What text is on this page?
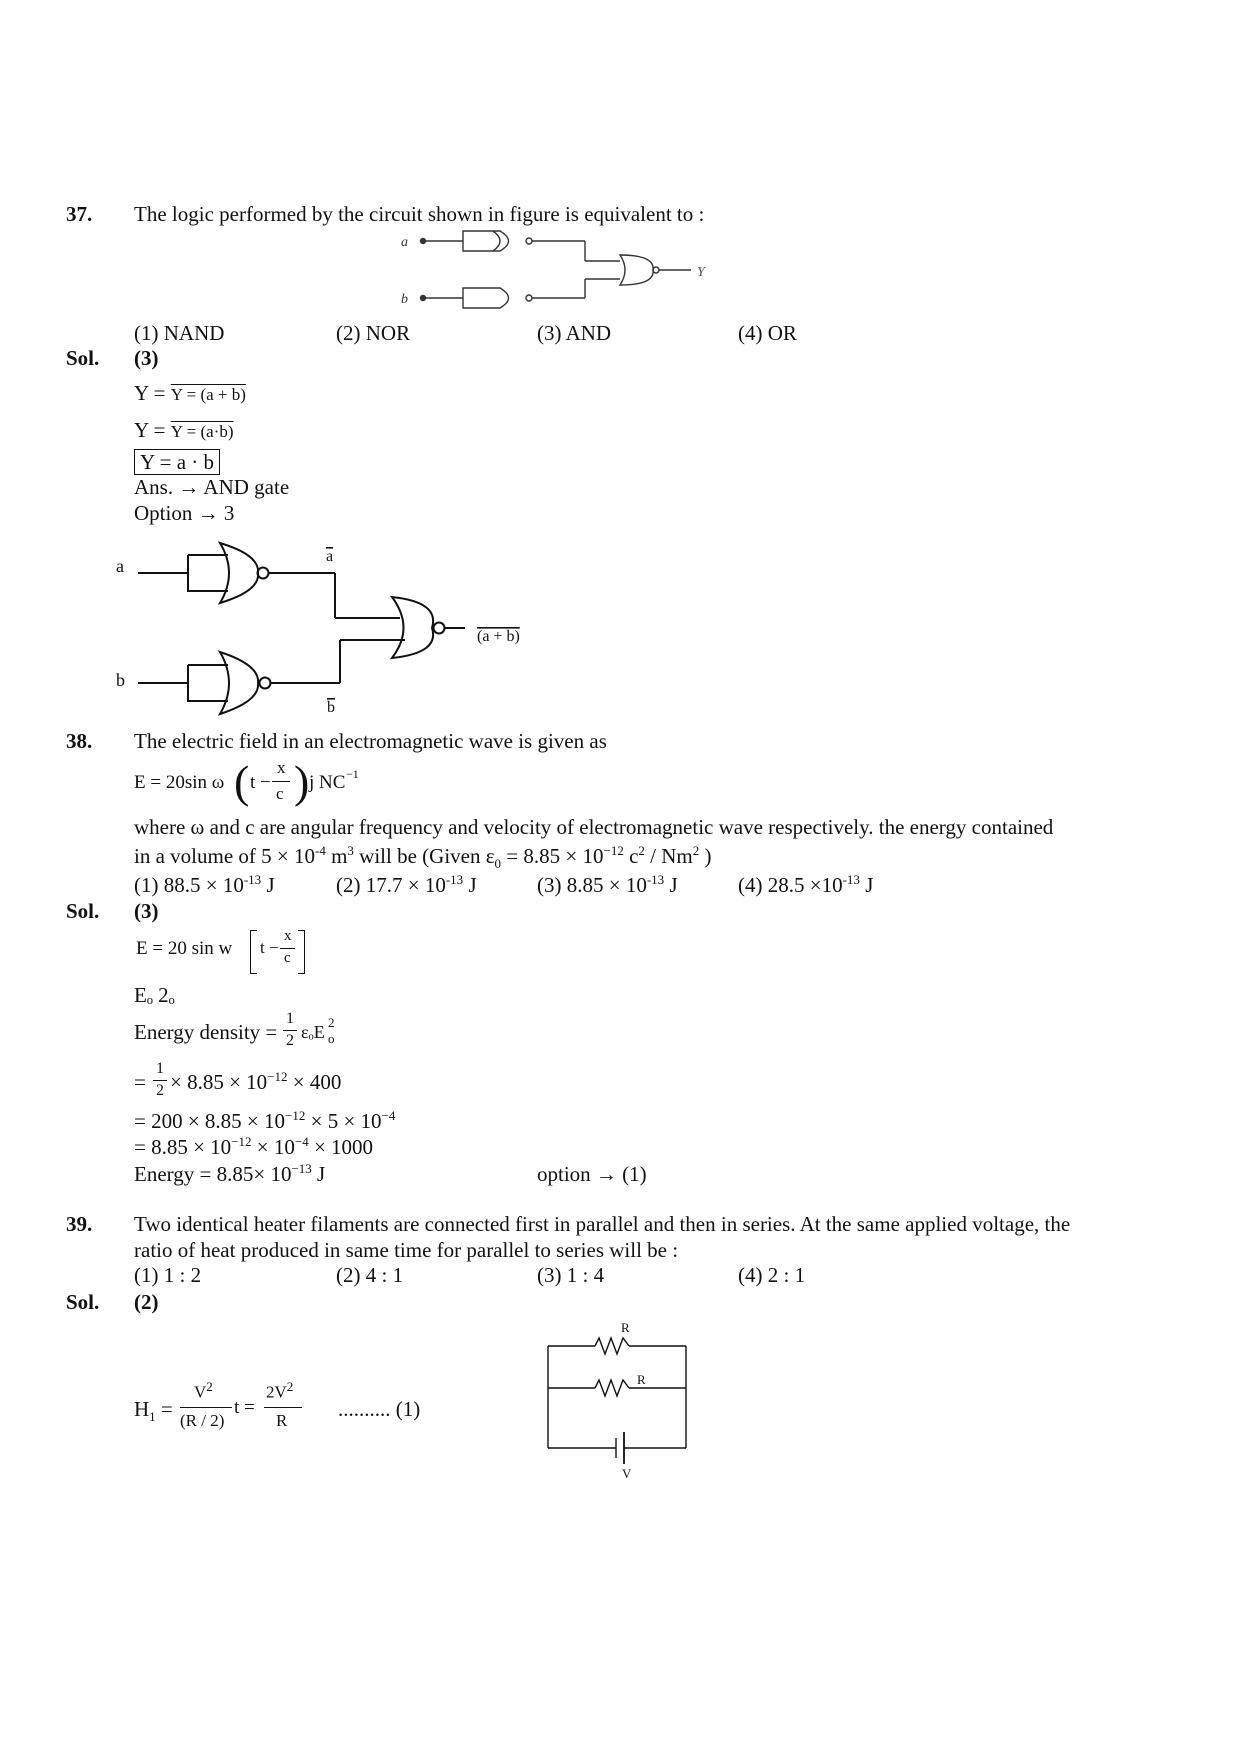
37. The logic performed by the circuit shown in figure is equivalent to :
a
b
Y
(1) NAND	(2) NOR	(3) AND	(4) OR
Sol. (3)
Y = Y = (a + b)
Y = Y = (a·b)
Y = a · b
Ans. → AND gate
Option → 3
a
b
a
b
(a + b)
38. The electric field in an electromagnetic wave is given as
E = 20sin ω ( t −
x
c ) j NC −1
where ω and c are angular frequency and velocity of electromagnetic wave respectively. the energy contained
in a volume of $5 \times 10^{-4}$ $m^3$ will be (Given $\varepsilon_0 = 8.85 \times 10^{-12}$ $c^2 / Nm^2$ )
(1) $88.5 \times 10^{-13}$ J	(2) $17.7 \times 10^{-13}$ J	(3) $8.85 \times 10^{-13}$ J	(4) $28.5 \times 10^{-13}$ J
Sol. (3)
E = 20 sin w t −
x
c
Eₒ 2ₒ
Energy density =
1
2 εₒE 2
o
=
1
$2 \times 8.85 \times 10^{-12} \times 400$
= $200 \times 8.85 \times 10^{-12} \times 5 \times 10^{-4}$
= $8.85 \times 10^{-12} \times 10^{-4} \times 1000$
Energy = $8.85\times 10^{-13}$ J	option → (1)
39. Two identical heater filaments are connected first in parallel and then in series. At the same applied voltage, the
ratio of heat produced in same time for parallel to series will be :
(1) 1 : 2	(2) 4 : 1	(3) 1 : 4	(4) 2 : 1
Sol. (2)
$H_1$ =
$V^2$
(R / 2)
t =
$2V^2$
R .......... (1)
R
R
V
